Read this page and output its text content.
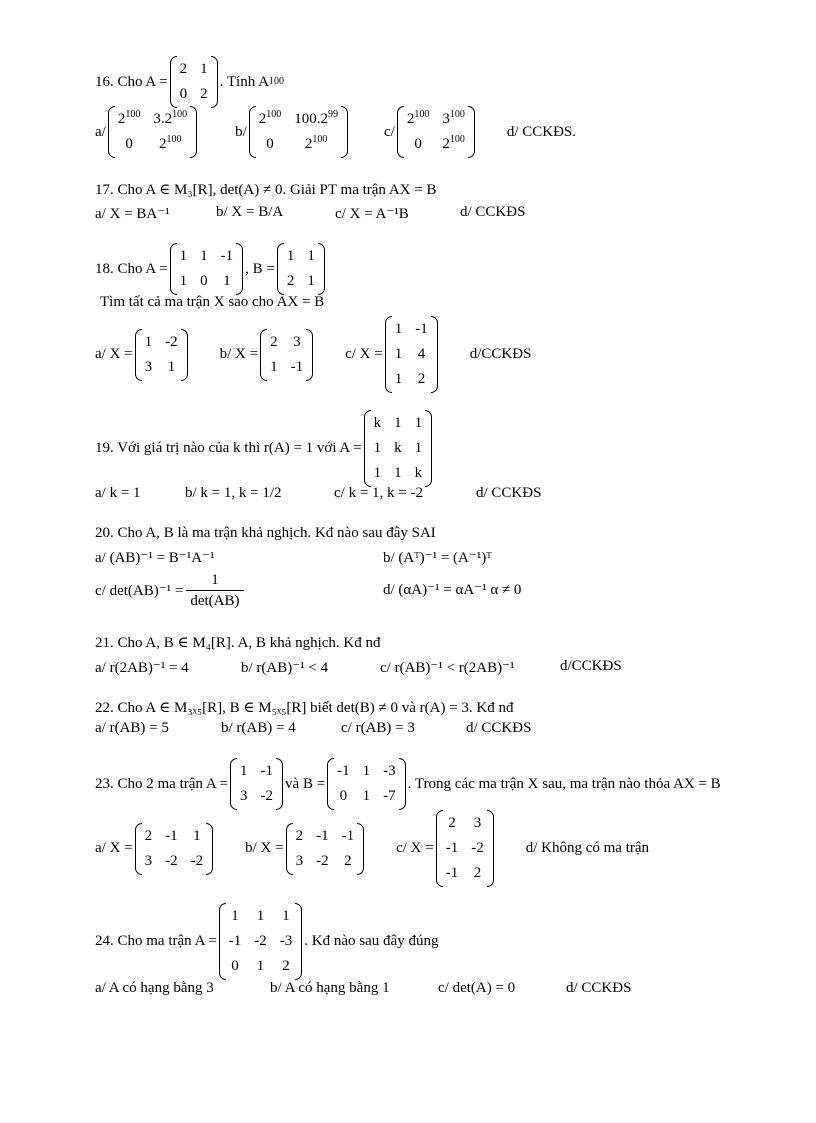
16. Cho A =
2 1
0 2
. Tính A 100
a/
$2^{100}$ $3.2^{100}$
0	$2^{100}$	b/
$2^{100}$ 100.2$^{99}$
0	$2^{100}$	c/
$2^{100}$ $3^{100}$
0	$2^{100}$	d/ CCKĐS.
17. Cho A ∈ M₃[R], det(A) ≠ 0. Giải PT ma trận AX = B
a/ X = BA⁻¹	b/ X = B/A	c/ X = A⁻¹B	d/ CCKĐS
18. Cho A =
1 1 -1
1 0 1
, B =
1 1
2 1
Tìm tất cả ma trận X sao cho AX = B
a/ X =
1 -2
3 1
b/ X =
2 3
1 -1
c/ X =
1 -1
1 4
1 2
d/CCKĐS
19. Với giá trị nào của k thì r(A) = 1 với A =
k 1 1
1 k 1
1 1 k
a/ k = 1	b/ k = 1, k = 1/2	c/ k = 1, k = -2	d/ CCKĐS
20. Cho A, B là ma trận khả nghịch. Kđ nào sau đây SAI
a/ (AB)⁻¹ = B⁻¹A⁻¹	b/ (Aᵀ)⁻¹ = (A⁻¹)ᵀ
c/ $\det(AB)^{-1} = \frac{1}{\det(AB)}$	d/ (αA)⁻¹ = αA⁻¹ α ≠ 0
21. Cho A, B ∈ M₄[R]. A, B khả nghịch. Kđ nđ
a/ r(2AB)⁻¹ = 4	b/ r(AB)⁻¹ < 4	c/ r(AB)⁻¹ < r(2AB)⁻¹	d/CCKĐS
22. Cho A ∈ M₃ₓ₅[R], B ∈ M₅ₓ₅[R] biết det(B) ≠ 0 và r(A) = 3. Kđ nđ
a/ r(AB) = 5	b/ r(AB) = 4	c/ r(AB) = 3	d/ CCKĐS
23. Cho 2 ma trận A =
1 -1
3 -2
và B =
-1 1 -3
0 1 -7
. Trong các ma trận X sau, ma trận nào thỏa AX = B
a/ X =
2 -1 1
3 -2 -2
b/ X =
2 -1 -1
3 -2 2
c/ X =
2 3
-1 -2
-1 2
d/ Không có ma trận
24. Cho ma trận A =
1 1 1
-1 -2 -3
0 1 2
. Kđ nào sau đây đúng
a/ A có hạng bằng 3	b/ A có hạng bằng 1	c/ det(A) = 0	d/ CCKĐS
